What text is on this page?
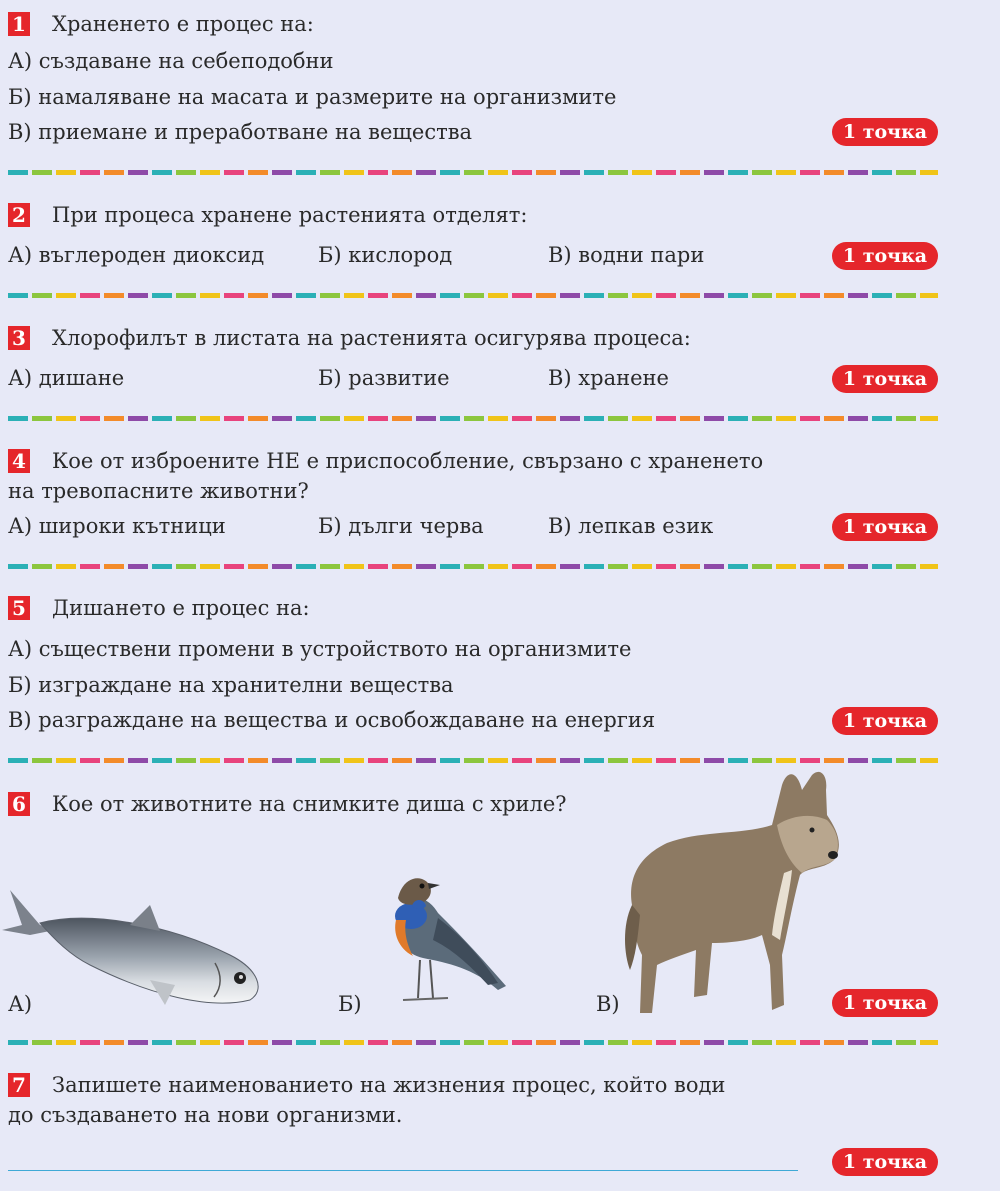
1 Храненето е процес на:
А) създаване на себеподобни
Б) намаляване на масата и размерите на организмите
В) приемане и преработване на вещества	1 точка
2 При процеса хранене растенията отделят:
А) въглероден диоксид	Б) кислород	В) водни пари	1 точка
3 Хлорофилът в листата на растенията осигурява процеса:
А) дишане	Б) развитие	В) хранене	1 точка
4 Кое от изброените НЕ е приспособление, свързано с храненето
на тревопасните животни?
А) широки кътници	Б) дълги черва	В) лепкав език	1 точка
5 Дишането е процес на:
А) съществени промени в устройството на организмите
Б) изграждане на хранителни вещества
В) разграждане на вещества и освобождаване на енергия	1 точка
6 Кое от животните на снимките диша с хриле?
А)	Б)	В)	1 точка
7 Запишете наименованието на жизнения процес, който води
до създаването на нови организми.
1 точка
